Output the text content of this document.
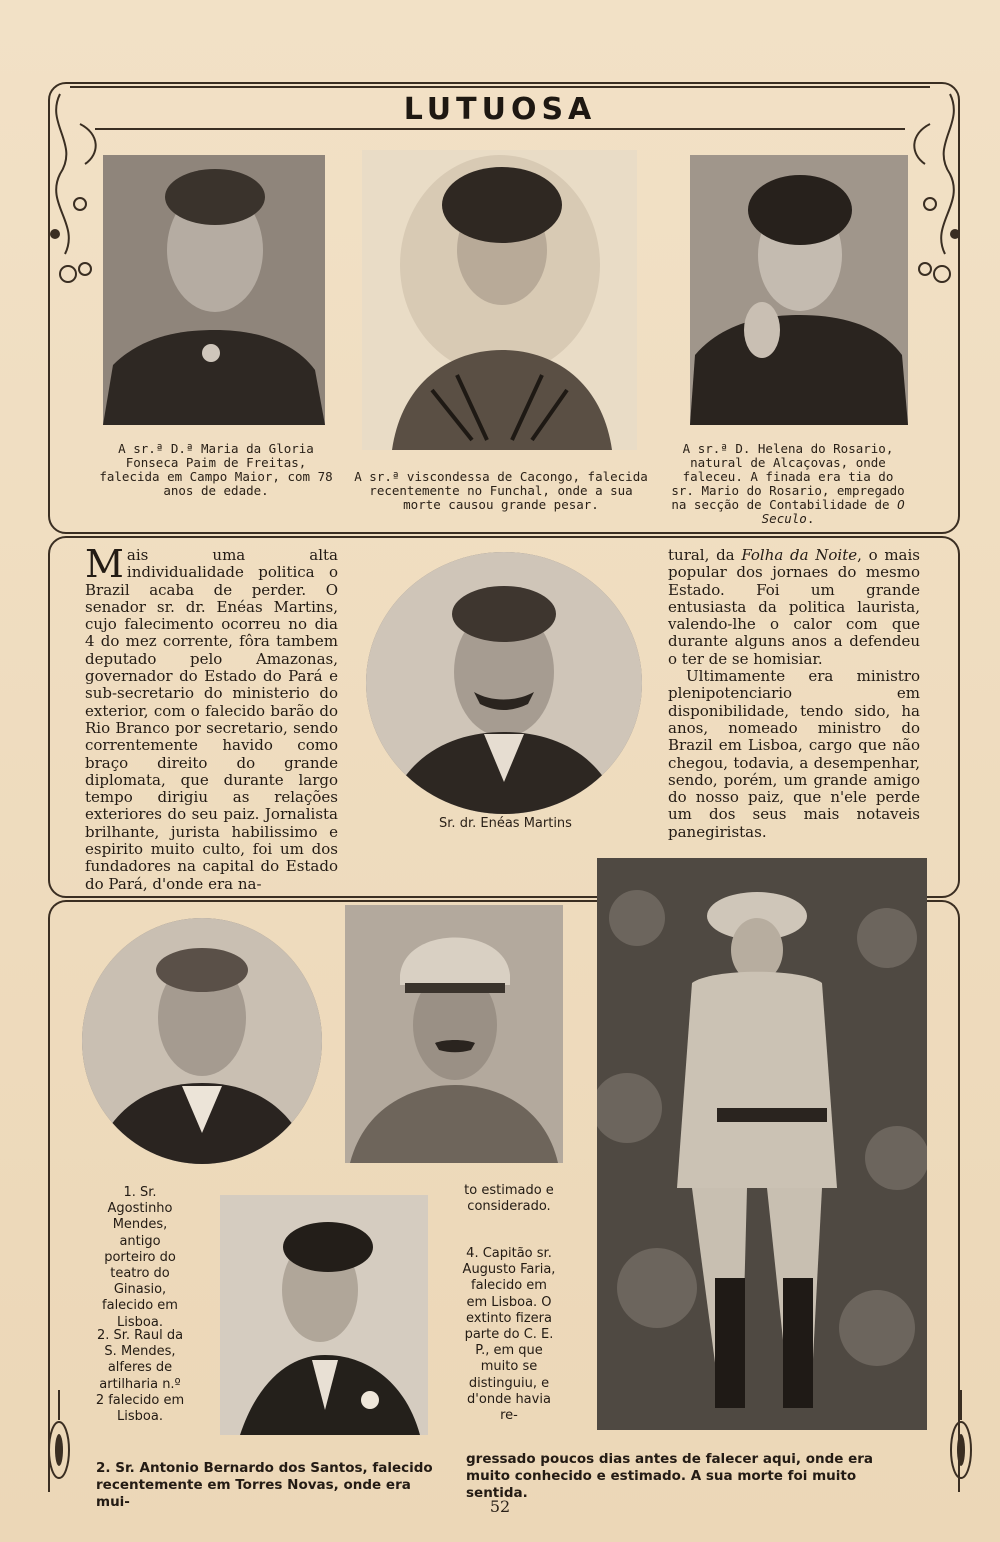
LUTUOSA
A sr.ª D.ª Maria da Gloria Fonseca Paim de Freitas, falecida em Campo Maior, com 78 anos de edade.
A sr.ª viscondessa de Cacongo, falecida recentemente no Funchal, onde a sua morte causou grande pesar.
A sr.ª D. Helena do Rosario, natural de Alcaçovas, onde faleceu. A finada era tia do sr. Mario do Rosario, empregado na secção de Contabilidade de O Seculo.
Mais uma alta individualidade politica o Brazil acaba de perder. O senador sr. dr. Enéas Martins, cujo falecimento ocorreu no dia 4 do mez corrente, fôra tambem deputado pelo Amazonas, governador do Estado do Pará e sub-secretario do ministerio do exterior, com o falecido barão do Rio Branco por secretario, sendo correntemente havido como braço direito do grande diplomata, que durante largo tempo dirigiu as relações exteriores do seu paiz. Jornalista brilhante, jurista habilissimo e espirito muito culto, foi um dos fundadores na capital do Estado do Pará, d'onde era na-
Sr. dr. Enéas Martins
tural, da Folha da Noite, o mais popular dos jornaes do mesmo Estado. Foi um grande entusiasta da politica laurista, valendo-lhe o calor com que durante alguns anos a defendeu o ter de se homisiar.
Ultimamente era ministro plenipotenciario em disponibilidade, tendo sido, ha anos, nomeado ministro do Brazil em Lisboa, cargo que não chegou, todavia, a desempenhar, sendo, porém, um grande amigo do nosso paiz, que n'ele perde um dos seus mais notaveis panegiristas.
1. Sr. Agostinho Mendes, antigo porteiro do teatro do Ginasio, falecido em Lisboa.
2. Sr. Raul da S. Mendes, alferes de artilharia n.º 2 falecido em Lisboa.
to estimado e considerado.
4. Capitão sr. Augusto Faria, falecido em em Lisboa. O extinto fizera parte do C. E. P., em que muito se distinguiu, e d'onde havia re-
2. Sr. Antonio Bernardo dos Santos, falecido recentemente em Torres Novas, onde era mui-
gressado poucos dias antes de falecer aqui, onde era muito conhecido e estimado. A sua morte foi muito sentida.
52
